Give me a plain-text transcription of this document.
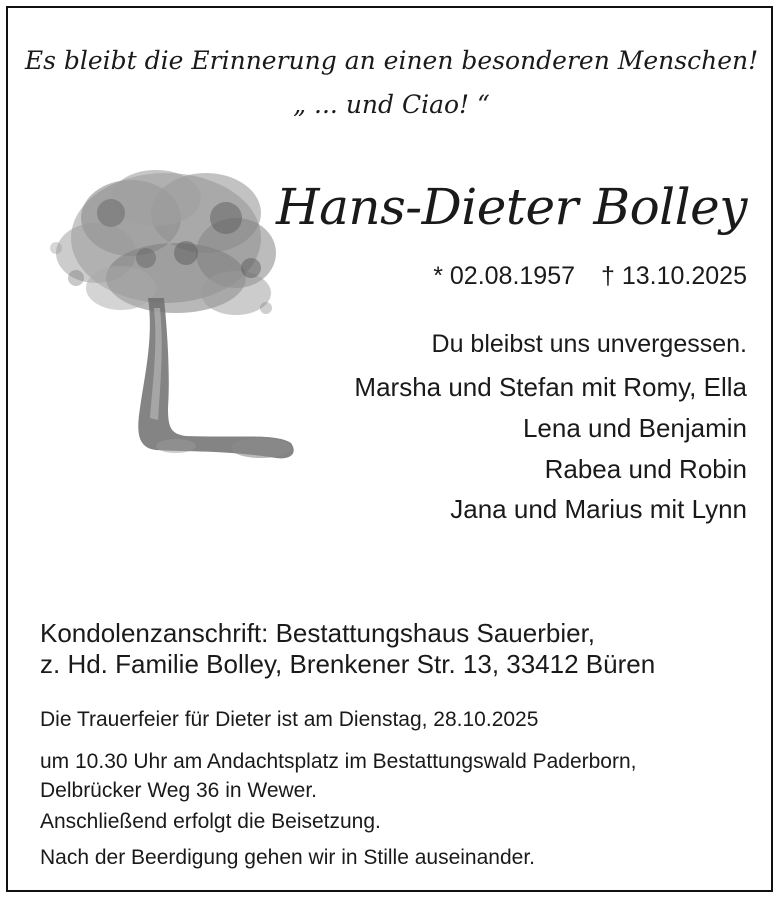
Es bleibt die Erinnerung an einen besonderen Menschen!
„ ... und Ciao! “
Hans-Dieter Bolley
* 02.08.1957 † 13.10.2025
Du bleibst uns unvergessen.
Marsha und Stefan mit Romy, Ella
Lena und Benjamin
Rabea und Robin
Jana und Marius mit Lynn
Kondolenzanschrift: Bestattungshaus Sauerbier,
z. Hd. Familie Bolley, Brenkener Str. 13, 33412 Büren
Die Trauerfeier für Dieter ist am Dienstag, 28.10.2025
um 10.30 Uhr am Andachtsplatz im Bestattungswald Paderborn,
Delbrücker Weg 36 in Wewer.
Anschließend erfolgt die Beisetzung.
Nach der Beerdigung gehen wir in Stille auseinander.
